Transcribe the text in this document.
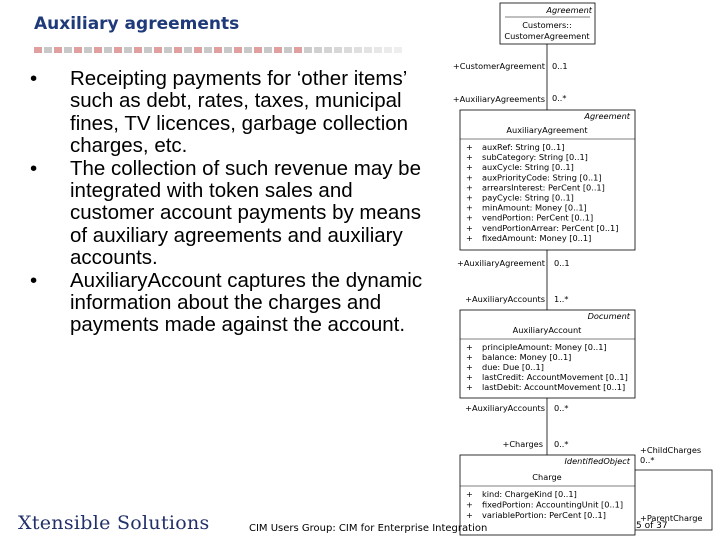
Auxiliary agreements
• Receipting payments for ‘other items’ such as debt, rates, taxes, municipal fines, TV licences, garbage collection charges, etc.
• The collection of such revenue may be integrated with token sales and customer account payments by means of auxiliary agreements and auxiliary accounts.
• AuxiliaryAccount captures the dynamic information about the charges and payments made against the account.
Agreement
Customers::
CustomerAgreement
+CustomerAgreement 0..1
+AuxiliaryAgreements 0..*
Agreement
AuxiliaryAgreement
+ auxRef: String [0..1]
+ subCategory: String [0..1]
+ auxCycle: String [0..1]
+ auxPriorityCode: String [0..1]
+ arrearsInterest: PerCent [0..1]
+ payCycle: String [0..1]
+ minAmount: Money [0..1]
+ vendPortion: PerCent [0..1]
+ vendPortionArrear: PerCent [0..1]
+ fixedAmount: Money [0..1]
+AuxiliaryAgreement 0..1
+AuxiliaryAccounts 1..*
Document
AuxiliaryAccount
+ principleAmount: Money [0..1]
+ balance: Money [0..1]
+ due: Due [0..1]
+ lastCredit: AccountMovement [0..1]
+ lastDebit: AccountMovement [0..1]
+AuxiliaryAccounts 0..*
+Charges 0..*
IdentifiedObject
Charge
+ kind: ChargeKind [0..1]
+ fixedPortion: AccountingUnit [0..1]
+ variablePortion: PerCent [0..1]
+ChildCharges
0..*
+ParentCharge
Xtensible Solutions	CIM Users Group: CIM for Enterprise Integration	5 of 37
